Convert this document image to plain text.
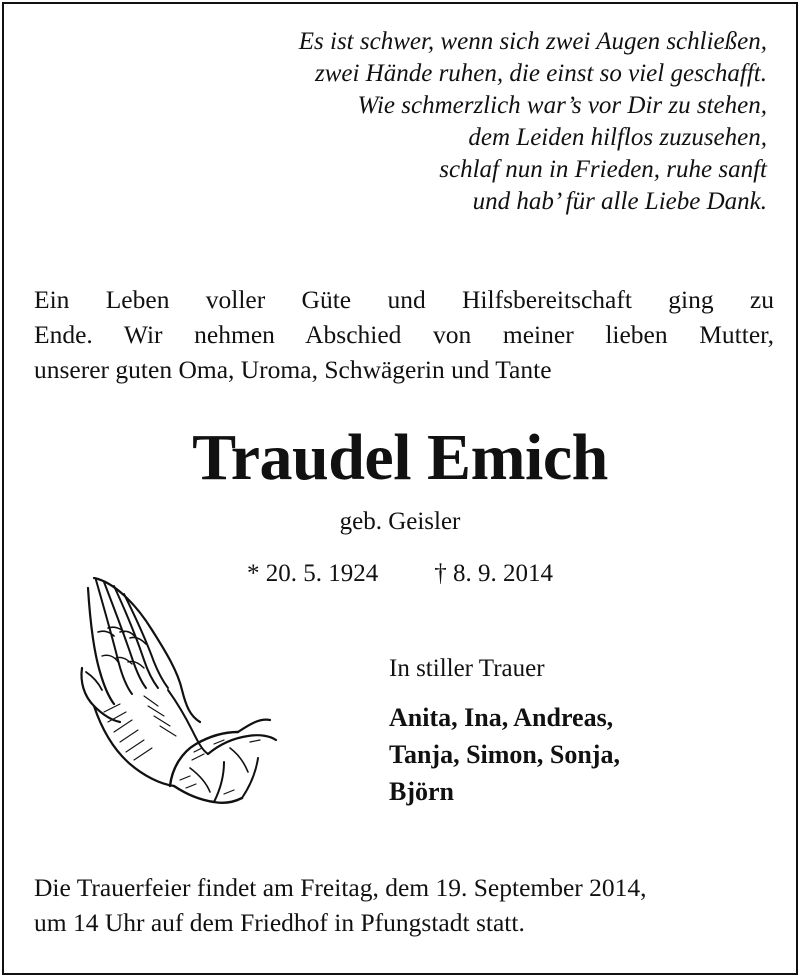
Es ist schwer, wenn sich zwei Augen schließen,
zwei Hände ruhen, die einst so viel geschafft.
Wie schmerzlich war’s vor Dir zu stehen,
dem Leiden hilflos zuzusehen,
schlaf nun in Frieden, ruhe sanft
und hab’ für alle Liebe Dank.
Ein Leben voller Güte und Hilfsbereitschaft ging zu
Ende. Wir nehmen Abschied von meiner lieben Mutter,
unserer guten Oma, Uroma, Schwägerin und Tante
Traudel Emich
geb. Geisler
* 20. 5. 1924 † 8. 9. 2014
In stiller Trauer
Anita, Ina, Andreas,
Tanja, Simon, Sonja,
Björn
Die Trauerfeier findet am Freitag, dem 19. September 2014,
um 14 Uhr auf dem Friedhof in Pfungstadt statt.
